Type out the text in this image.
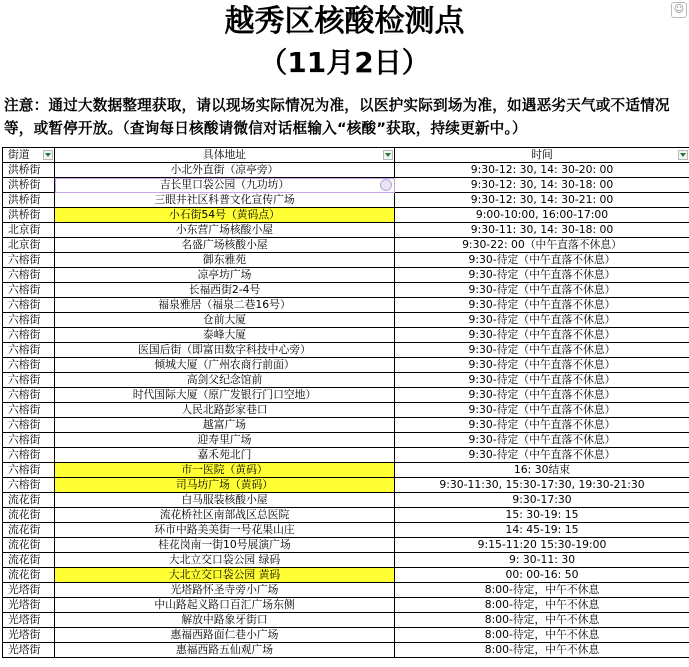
越秀区核酸检测点
（11月2日）
☺
注意：通过大数据整理获取，请以现场实际情况为准，以医护实际到场为准，如遇恶劣天气或不适情况等，或暂停开放。（查询每日核酸请微信对话框输入“核酸”获取，持续更新中。）
街道	具体地址	时间
洪桥街	小北外直街（凉亭旁）	9:30-12: 30, 14: 30-20: 00
洪桥街	吉长里口袋公园（九功坊）	9:30-12: 30, 14: 30-18: 00
洪桥街	三眼井社区科普文化宣传广场	9:30-12: 30, 14: 30-21: 00
洪桥街	小石街54号（黄码点）	9:00-10:00, 16:00-17:00
北京街	小东营广场核酸小屋	9:30-11: 30, 14: 30-18: 00
北京街	名盛广场核酸小屋	9:30-22: 00（中午直落不休息）
六榕街	御东雅苑	9:30-待定（中午直落不休息）
六榕街	凉亭坊广场	9:30-待定（中午直落不休息）
六榕街	长福西街2-4号	9:30-待定（中午直落不休息）
六榕街	福泉雅居（福泉二巷16号）	9:30-待定（中午直落不休息）
六榕街	仓前大厦	9:30-待定（中午直落不休息）
六榕街	泰峰大厦	9:30-待定（中午直落不休息）
六榕街	医国后街（即富田数字科技中心旁）	9:30-待定（中午直落不休息）
六榕街	倾城大厦（广州农商行前面）	9:30-待定（中午直落不休息）
六榕街	高剑父纪念馆前	9:30-待定（中午直落不休息）
六榕街	时代国际大厦（原广发银行门口空地）	9:30-待定（中午直落不休息）
六榕街	人民北路彭家巷口	9:30-待定（中午直落不休息）
六榕街	越富广场	9:30-待定（中午直落不休息）
六榕街	迎寿里广场	9:30-待定（中午直落不休息）
六榕街	嘉禾苑北门	9:30-待定（中午直落不休息）
六榕街	市一医院（黄码）	16: 30结束
六榕街	司马坊广场（黄码）	9:30-11:30, 15:30-17:30, 19:30-21:30
流花街	白马服装核酸小屋	9:30-17:30
流花街	流花桥社区南部战区总医院	15: 30-19: 15
流花街	环市中路美美街一号花果山庄	14: 45-19: 15
流花街	桂花岗南一街10号展演广场	9:15-11:20 15:30-19:00
流花街	大北立交口袋公园 绿码	9: 30-11: 30
流花街	大北立交口袋公园 黄码	00: 00-16: 50
光塔街	光塔路怀圣寺旁小广场	8:00-待定，中午不休息
光塔街	中山路起义路口百汇广场东侧	8:00-待定，中午不休息
光塔街	解放中路象牙街口	8:00-待定，中午不休息
光塔街	惠福西路面仁巷小广场	8:00-待定，中午不休息
光塔街	惠福西路五仙观广场	8:00-待定，中午不休息
